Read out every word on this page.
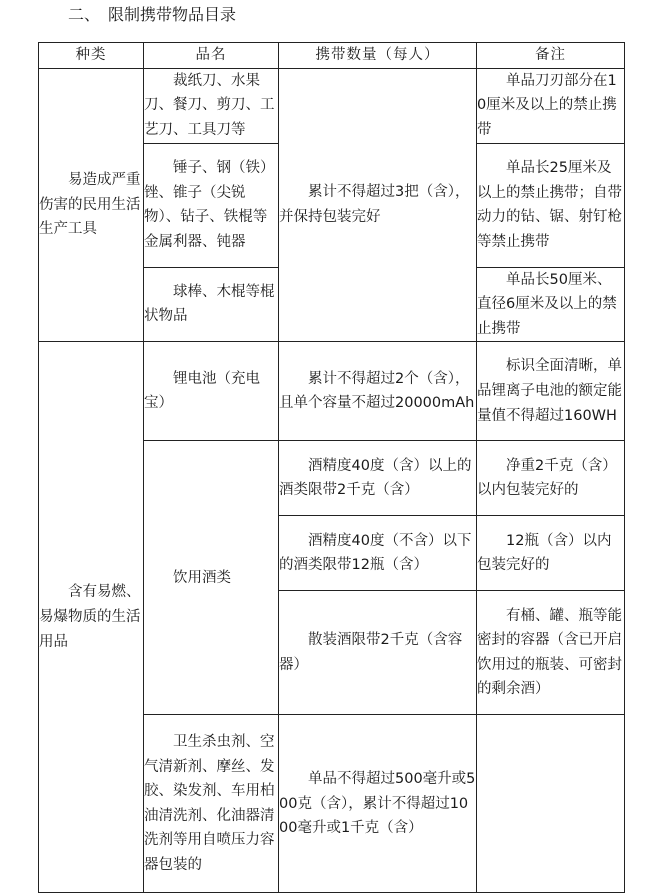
二、 限制携带物品目录
种类	品名	携带数量（每人）	备注

易造成严重伤害的民用生活生产工具	裁纸刀、水果刀、餐刀、剪刀、工艺刀、工具刀等	累计不得超过3把（含），并保持包装完好	单品刀刃部分在10厘米及以上的禁止携带

	锤子、钢（铁）锉、锥子（尖锐物）、钻子、铁棍等金属利器、钝器		单品长25厘米及以上的禁止携带；自带动力的钻、锯、射钉枪等禁止携带

	球棒、木棍等棍状物品		单品长50厘米、直径6厘米及以上的禁止携带

含有易燃、易爆物质的生活用品	锂电池（充电宝）	累计不得超过2个（含），且单个容量不超过20000mAh	标识全面清晰，单品锂离子电池的额定能量值不得超过160WH

	饮用酒类	酒精度40度（含）以上的酒类限带2千克（含）	净重2千克（含）以内包装完好的

		酒精度40度（不含）以下的酒类限带12瓶（含）	12瓶（含）以内包装完好的

		散装酒限带2千克（含容器）	有桶、罐、瓶等能密封的容器（含已开启饮用过的瓶装、可密封的剩余酒）

	卫生杀虫剂、空气清新剂、摩丝、发胶、染发剂、车用柏油清洗剂、化油器清洗剂等用自喷压力容器包装的	单品不得超过500毫升或500克（含），累计不得超过1000毫升或1千克（含）	
